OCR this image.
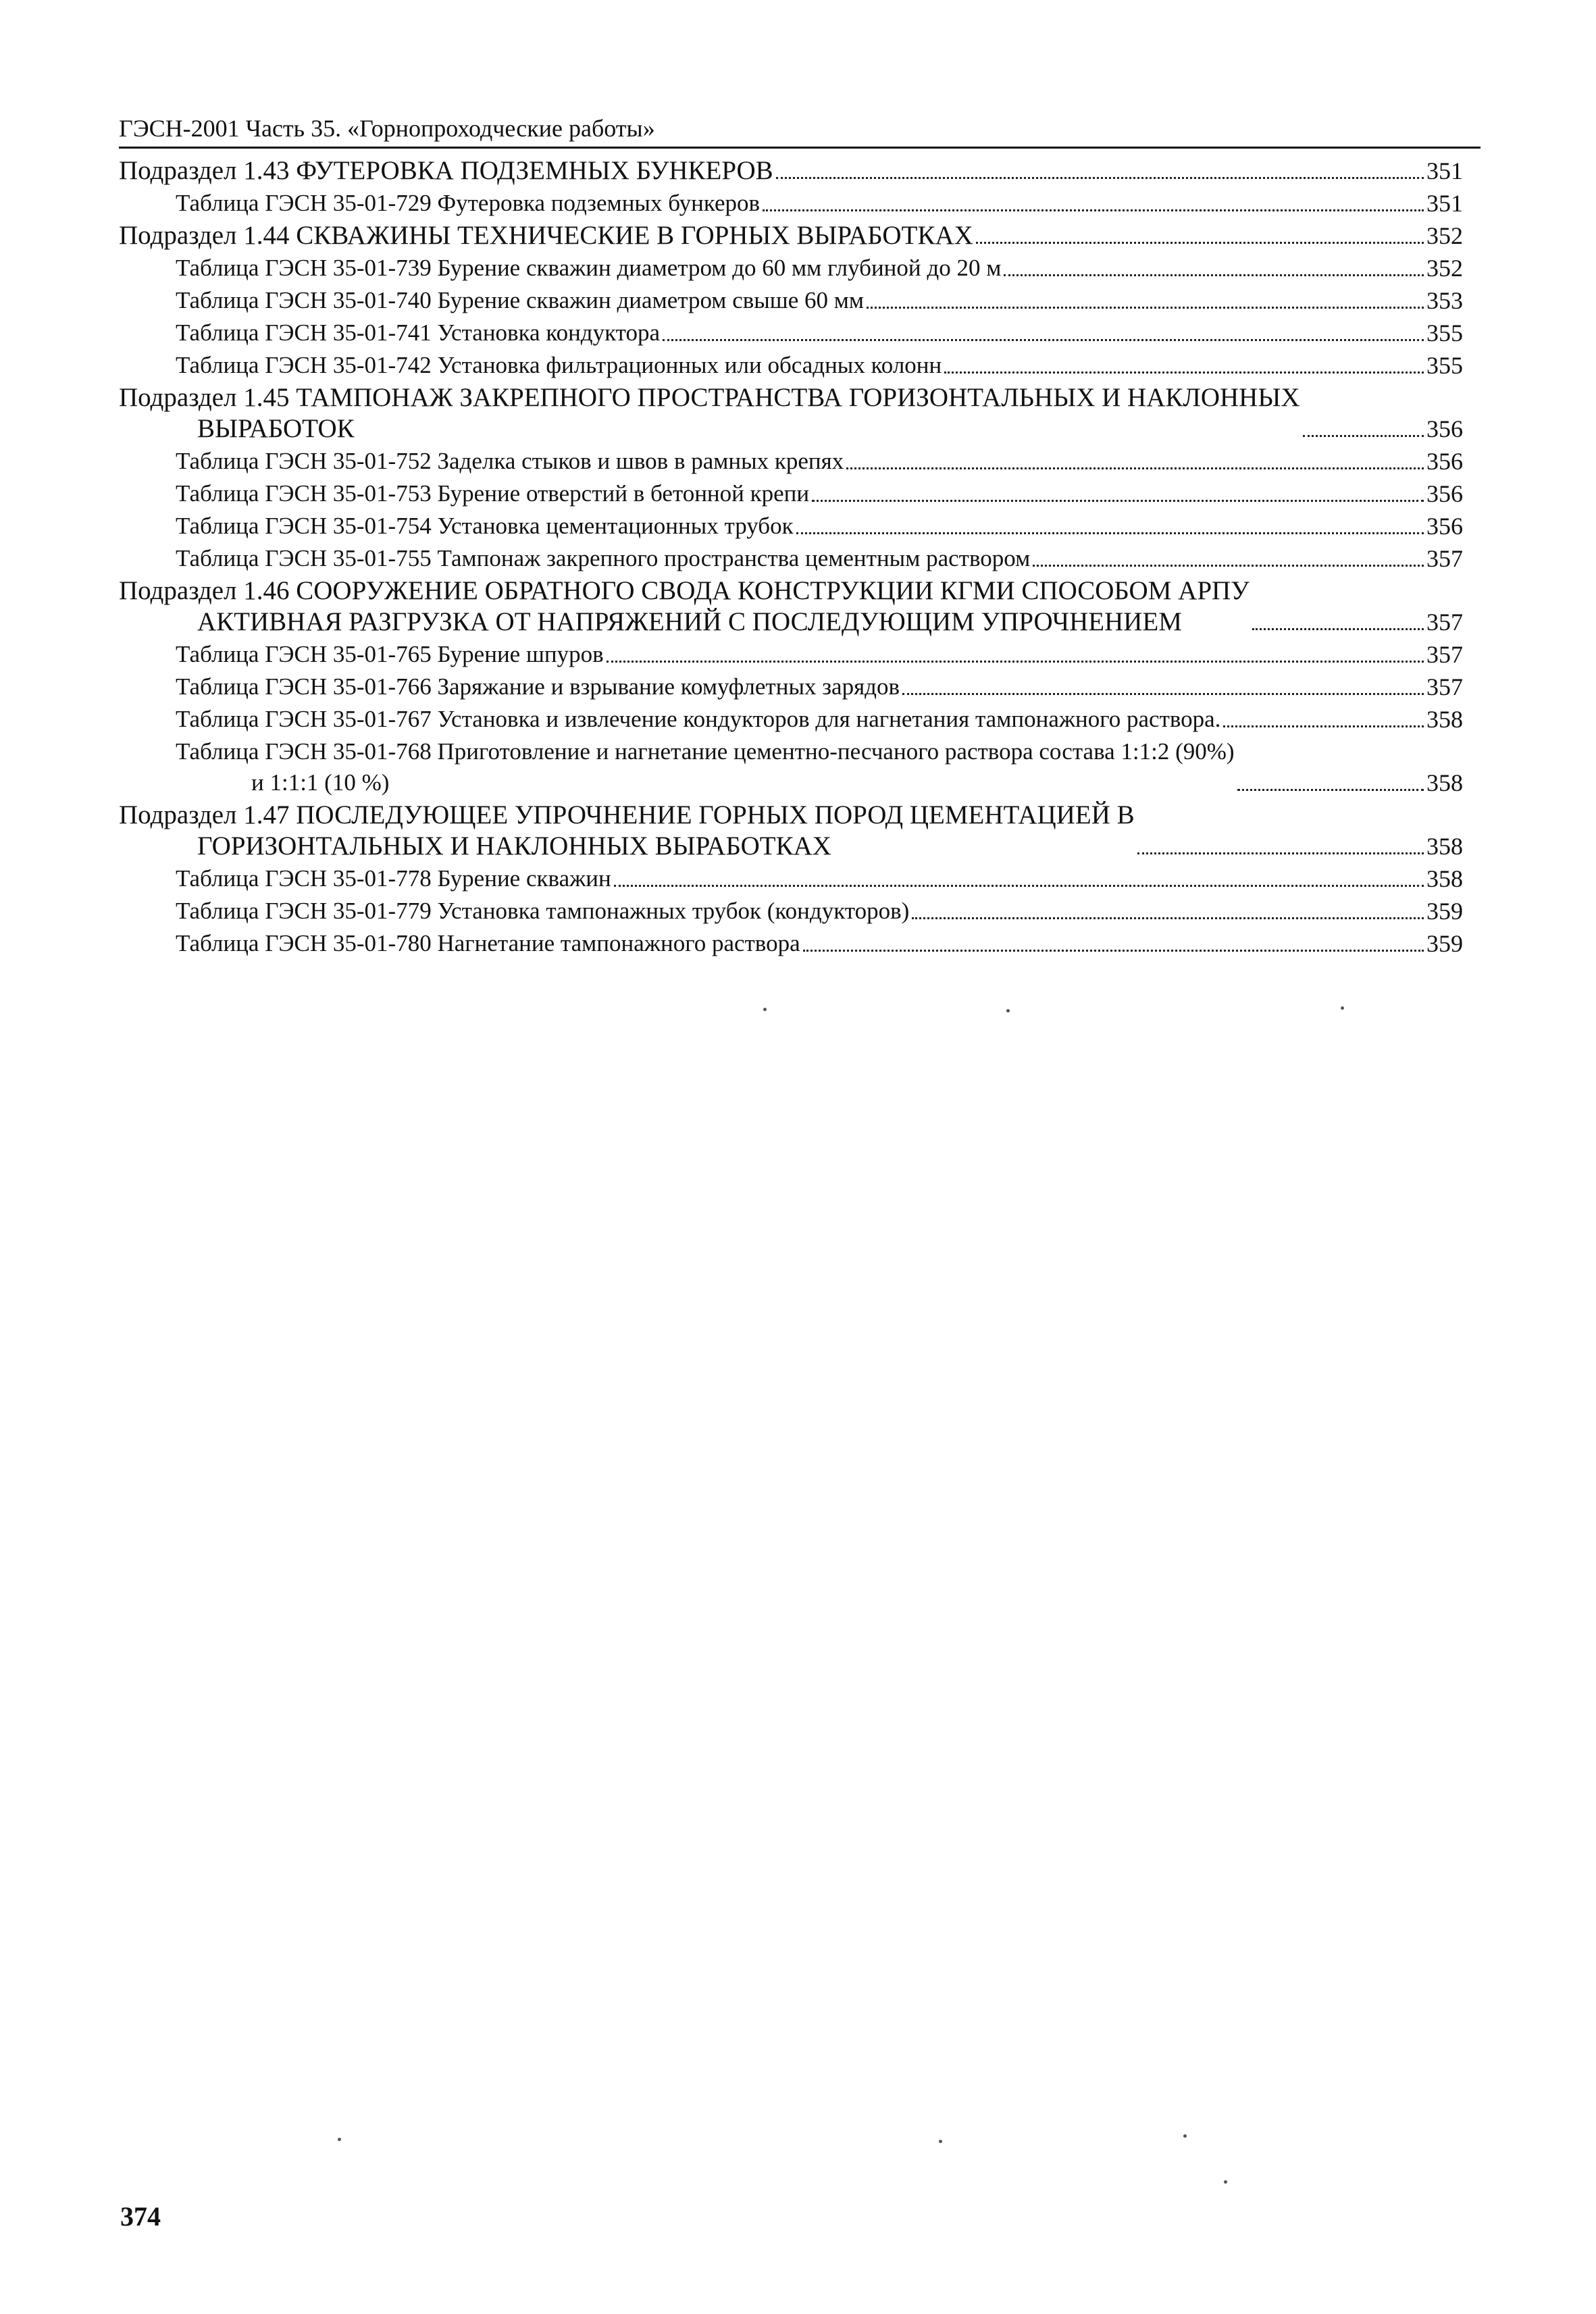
ГЭСН-2001 Часть 35. «Горнопроходческие работы»
Подраздел 1.43 ФУТЕРОВКА ПОДЗЕМНЫХ БУНКЕРОВ	351
Таблица ГЭСН 35-01-729 Футеровка подземных бункеров	351
Подраздел 1.44 СКВАЖИНЫ ТЕХНИЧЕСКИЕ В ГОРНЫХ ВЫРАБОТКАХ	352
Таблица ГЭСН 35-01-739 Бурение скважин диаметром до 60 мм глубиной до 20 м	352
Таблица ГЭСН 35-01-740 Бурение скважин диаметром свыше 60 мм	353
Таблица ГЭСН 35-01-741 Установка кондуктора	355
Таблица ГЭСН 35-01-742 Установка фильтрационных или обсадных колонн	355
Подраздел 1.45 ТАМПОНАЖ ЗАКРЕПНОГО ПРОСТРАНСТВА ГОРИЗОНТАЛЬНЫХ И НАКЛОННЫХ
ВЫРАБОТОК	356
Таблица ГЭСН 35-01-752 Заделка стыков и швов в рамных крепях	356
Таблица ГЭСН 35-01-753 Бурение отверстий в бетонной крепи	356
Таблица ГЭСН 35-01-754 Установка цементационных трубок	356
Таблица ГЭСН 35-01-755 Тампонаж закрепного пространства цементным раствором	357
Подраздел 1.46 СООРУЖЕНИЕ ОБРАТНОГО СВОДА КОНСТРУКЦИИ КГМИ СПОСОБОМ АРПУ
АКТИВНАЯ РАЗГРУЗКА ОТ НАПРЯЖЕНИЙ С ПОСЛЕДУЮЩИМ УПРОЧНЕНИЕМ	357
Таблица ГЭСН 35-01-765 Бурение шпуров	357
Таблица ГЭСН 35-01-766 Заряжание и взрывание комуфлетных зарядов	357
Таблица ГЭСН 35-01-767 Установка и извлечение кондукторов для нагнетания тампонажного раствора.	358
Таблица ГЭСН 35-01-768 Приготовление и нагнетание цементно-песчаного раствора состава 1:1:2 (90%)
и 1:1:1 (10 %)	358
Подраздел 1.47 ПОСЛЕДУЮЩЕЕ УПРОЧНЕНИЕ ГОРНЫХ ПОРОД ЦЕМЕНТАЦИЕЙ В
ГОРИЗОНТАЛЬНЫХ И НАКЛОННЫХ ВЫРАБОТКАХ	358
Таблица ГЭСН 35-01-778 Бурение скважин	358
Таблица ГЭСН 35-01-779 Установка тампонажных трубок (кондукторов)	359
Таблица ГЭСН 35-01-780 Нагнетание тампонажного раствора	359
374
